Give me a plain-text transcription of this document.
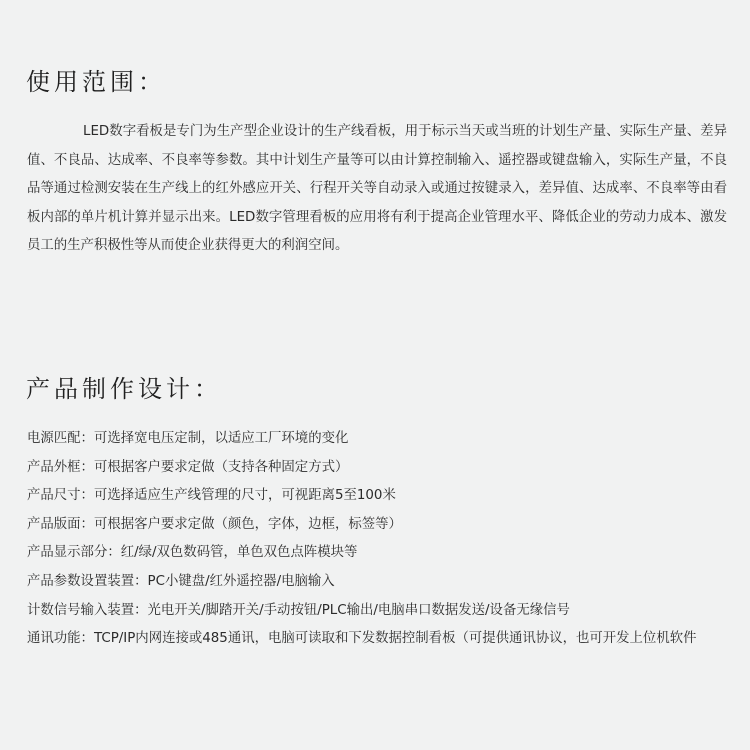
使用范围：

LED数字看板是专门为生产型企业设计的生产线看板，用于标示当天或当班的计划生产量、实际生产量、差异值、不良品、达成率、不良率等参数。其中计划生产量等可以由计算控制输入、遥控器或键盘输入，实际生产量，不良品等通过检测安装在生产线上的红外感应开关、行程开关等自动录入或通过按键录入，差异值、达成率、不良率等由看板内部的单片机计算并显示出来。LED数字管理看板的应用将有利于提高企业管理水平、降低企业的劳动力成本、激发员工的生产积极性等从而使企业获得更大的利润空间。

产品制作设计：
电源匹配：可选择宽电压定制，以适应工厂环境的变化
产品外框：可根据客户要求定做（支持各种固定方式）
产品尺寸：可选择适应生产线管理的尺寸，可视距离5至100米
产品版面：可根据客户要求定做（颜色，字体，边框，标签等）
产品显示部分：红/绿/双色数码管，单色双色点阵模块等
产品参数设置装置：PC小键盘/红外遥控器/电脑输入
计数信号输入装置：光电开关/脚踏开关/手动按钮/PLC输出/电脑串口数据发送/设备无缘信号
通讯功能：TCP/IP内网连接或485通讯，电脑可读取和下发数据控制看板（可提供通讯协议，也可开发上位机软件
